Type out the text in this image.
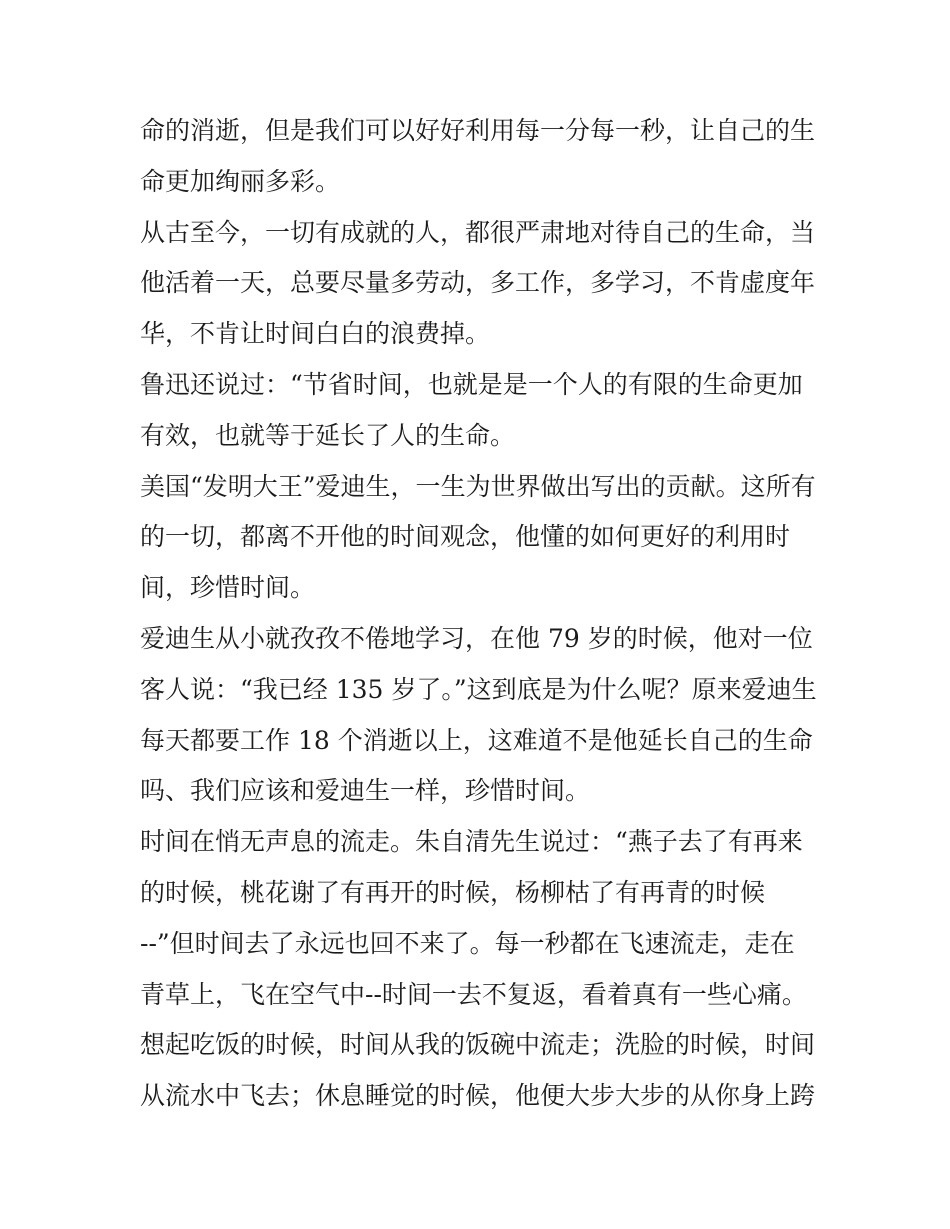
命的消逝，但是我们可以好好利用每一分每一秒，让自己的生
命更加绚丽多彩。
从古至今，一切有成就的人，都很严肃地对待自己的生命，当
他活着一天，总要尽量多劳动，多工作，多学习，不肯虚度年
华，不肯让时间白白的浪费掉。
鲁迅还说过：“节省时间，也就是是一个人的有限的生命更加
有效，也就等于延长了人的生命。
美国“发明大王”爱迪生，一生为世界做出写出的贡献。这所有
的一切，都离不开他的时间观念，他懂的如何更好的利用时
间，珍惜时间。
爱迪生从小就孜孜不倦地学习，在他 79 岁的时候，他对一位
客人说：“我已经 135 岁了。”这到底是为什么呢？原来爱迪生
每天都要工作 18 个消逝以上，这难道不是他延长自己的生命
吗、我们应该和爱迪生一样，珍惜时间。
时间在悄无声息的流走。朱自清先生说过：“燕子去了有再来
的时候，桃花谢了有再开的时候，杨柳枯了有再青的时候
--”但时间去了永远也回不来了。每一秒都在飞速流走，走在
青草上，飞在空气中--时间一去不复返，看着真有一些心痛。
想起吃饭的时候，时间从我的饭碗中流走；洗脸的时候，时间
从流水中飞去；休息睡觉的时候，他便大步大步的从你身上跨
